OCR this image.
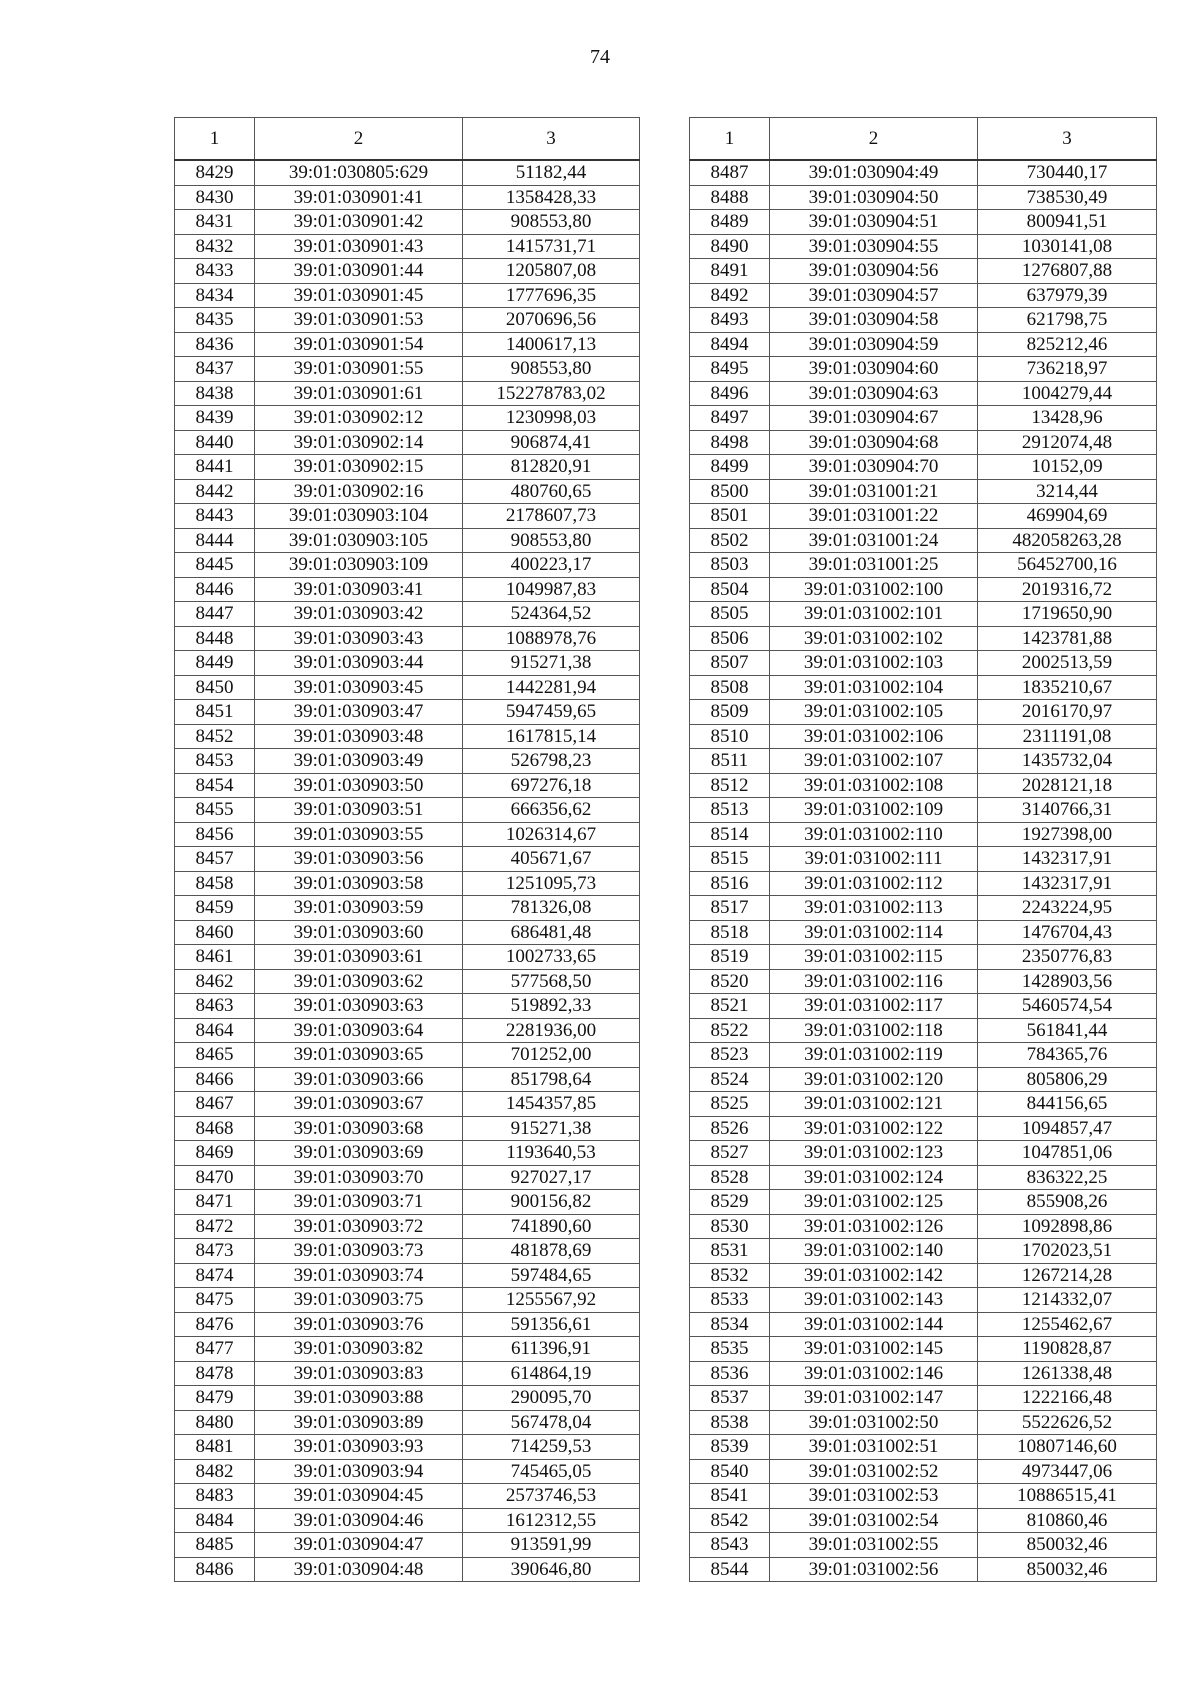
74
1	2	3
8429	39:01:030805:629	51182,44
8430	39:01:030901:41	1358428,33
8431	39:01:030901:42	908553,80
8432	39:01:030901:43	1415731,71
8433	39:01:030901:44	1205807,08
8434	39:01:030901:45	1777696,35
8435	39:01:030901:53	2070696,56
8436	39:01:030901:54	1400617,13
8437	39:01:030901:55	908553,80
8438	39:01:030901:61	152278783,02
8439	39:01:030902:12	1230998,03
8440	39:01:030902:14	906874,41
8441	39:01:030902:15	812820,91
8442	39:01:030902:16	480760,65
8443	39:01:030903:104	2178607,73
8444	39:01:030903:105	908553,80
8445	39:01:030903:109	400223,17
8446	39:01:030903:41	1049987,83
8447	39:01:030903:42	524364,52
8448	39:01:030903:43	1088978,76
8449	39:01:030903:44	915271,38
8450	39:01:030903:45	1442281,94
8451	39:01:030903:47	5947459,65
8452	39:01:030903:48	1617815,14
8453	39:01:030903:49	526798,23
8454	39:01:030903:50	697276,18
8455	39:01:030903:51	666356,62
8456	39:01:030903:55	1026314,67
8457	39:01:030903:56	405671,67
8458	39:01:030903:58	1251095,73
8459	39:01:030903:59	781326,08
8460	39:01:030903:60	686481,48
8461	39:01:030903:61	1002733,65
8462	39:01:030903:62	577568,50
8463	39:01:030903:63	519892,33
8464	39:01:030903:64	2281936,00
8465	39:01:030903:65	701252,00
8466	39:01:030903:66	851798,64
8467	39:01:030903:67	1454357,85
8468	39:01:030903:68	915271,38
8469	39:01:030903:69	1193640,53
8470	39:01:030903:70	927027,17
8471	39:01:030903:71	900156,82
8472	39:01:030903:72	741890,60
8473	39:01:030903:73	481878,69
8474	39:01:030903:74	597484,65
8475	39:01:030903:75	1255567,92
8476	39:01:030903:76	591356,61
8477	39:01:030903:82	611396,91
8478	39:01:030903:83	614864,19
8479	39:01:030903:88	290095,70
8480	39:01:030903:89	567478,04
8481	39:01:030903:93	714259,53
8482	39:01:030903:94	745465,05
8483	39:01:030904:45	2573746,53
8484	39:01:030904:46	1612312,55
8485	39:01:030904:47	913591,99
8486	39:01:030904:48	390646,80
1	2	3
8487	39:01:030904:49	730440,17
8488	39:01:030904:50	738530,49
8489	39:01:030904:51	800941,51
8490	39:01:030904:55	1030141,08
8491	39:01:030904:56	1276807,88
8492	39:01:030904:57	637979,39
8493	39:01:030904:58	621798,75
8494	39:01:030904:59	825212,46
8495	39:01:030904:60	736218,97
8496	39:01:030904:63	1004279,44
8497	39:01:030904:67	13428,96
8498	39:01:030904:68	2912074,48
8499	39:01:030904:70	10152,09
8500	39:01:031001:21	3214,44
8501	39:01:031001:22	469904,69
8502	39:01:031001:24	482058263,28
8503	39:01:031001:25	56452700,16
8504	39:01:031002:100	2019316,72
8505	39:01:031002:101	1719650,90
8506	39:01:031002:102	1423781,88
8507	39:01:031002:103	2002513,59
8508	39:01:031002:104	1835210,67
8509	39:01:031002:105	2016170,97
8510	39:01:031002:106	2311191,08
8511	39:01:031002:107	1435732,04
8512	39:01:031002:108	2028121,18
8513	39:01:031002:109	3140766,31
8514	39:01:031002:110	1927398,00
8515	39:01:031002:111	1432317,91
8516	39:01:031002:112	1432317,91
8517	39:01:031002:113	2243224,95
8518	39:01:031002:114	1476704,43
8519	39:01:031002:115	2350776,83
8520	39:01:031002:116	1428903,56
8521	39:01:031002:117	5460574,54
8522	39:01:031002:118	561841,44
8523	39:01:031002:119	784365,76
8524	39:01:031002:120	805806,29
8525	39:01:031002:121	844156,65
8526	39:01:031002:122	1094857,47
8527	39:01:031002:123	1047851,06
8528	39:01:031002:124	836322,25
8529	39:01:031002:125	855908,26
8530	39:01:031002:126	1092898,86
8531	39:01:031002:140	1702023,51
8532	39:01:031002:142	1267214,28
8533	39:01:031002:143	1214332,07
8534	39:01:031002:144	1255462,67
8535	39:01:031002:145	1190828,87
8536	39:01:031002:146	1261338,48
8537	39:01:031002:147	1222166,48
8538	39:01:031002:50	5522626,52
8539	39:01:031002:51	10807146,60
8540	39:01:031002:52	4973447,06
8541	39:01:031002:53	10886515,41
8542	39:01:031002:54	810860,46
8543	39:01:031002:55	850032,46
8544	39:01:031002:56	850032,46
